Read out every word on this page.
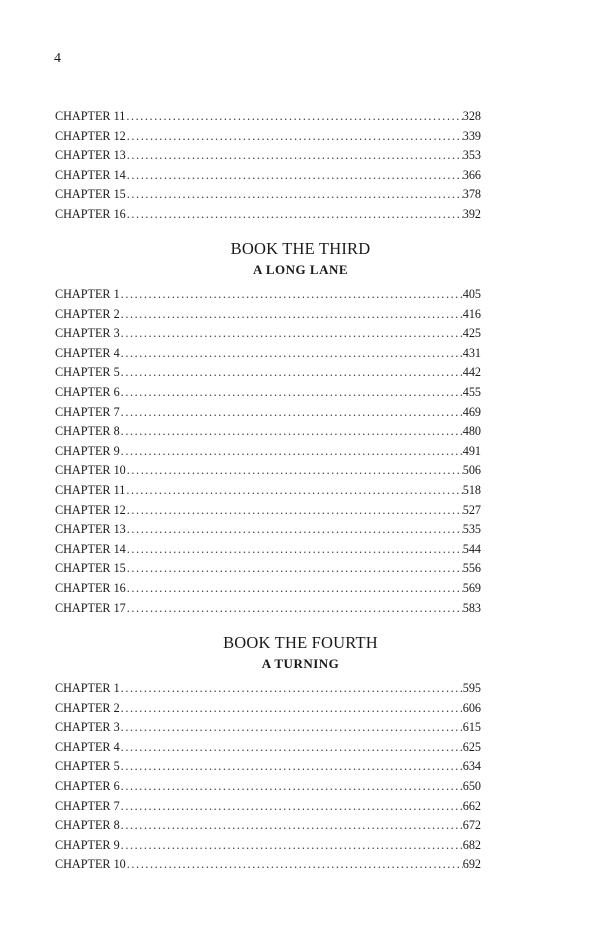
4
CHAPTER 11 .....	328
CHAPTER 12 .....	339
CHAPTER 13 .....	353
CHAPTER 14 .....	366
CHAPTER 15 .....	378
CHAPTER 16 .....	392
BOOK THE THIRD
A LONG LANE
CHAPTER 1 .....	405
CHAPTER 2 .....	416
CHAPTER 3 .....	425
CHAPTER 4 .....	431
CHAPTER 5 .....	442
CHAPTER 6 .....	455
CHAPTER 7 .....	469
CHAPTER 8 .....	480
CHAPTER 9 .....	491
CHAPTER 10 .....	506
CHAPTER 11 .....	518
CHAPTER 12 .....	527
CHAPTER 13 .....	535
CHAPTER 14 .....	544
CHAPTER 15 .....	556
CHAPTER 16 .....	569
CHAPTER 17 .....	583
BOOK THE FOURTH
A TURNING
CHAPTER 1 .....	595
CHAPTER 2 .....	606
CHAPTER 3 .....	615
CHAPTER 4 .....	625
CHAPTER 5 .....	634
CHAPTER 6 .....	650
CHAPTER 7 .....	662
CHAPTER 8 .....	672
CHAPTER 9 .....	682
CHAPTER 10 .....	692
